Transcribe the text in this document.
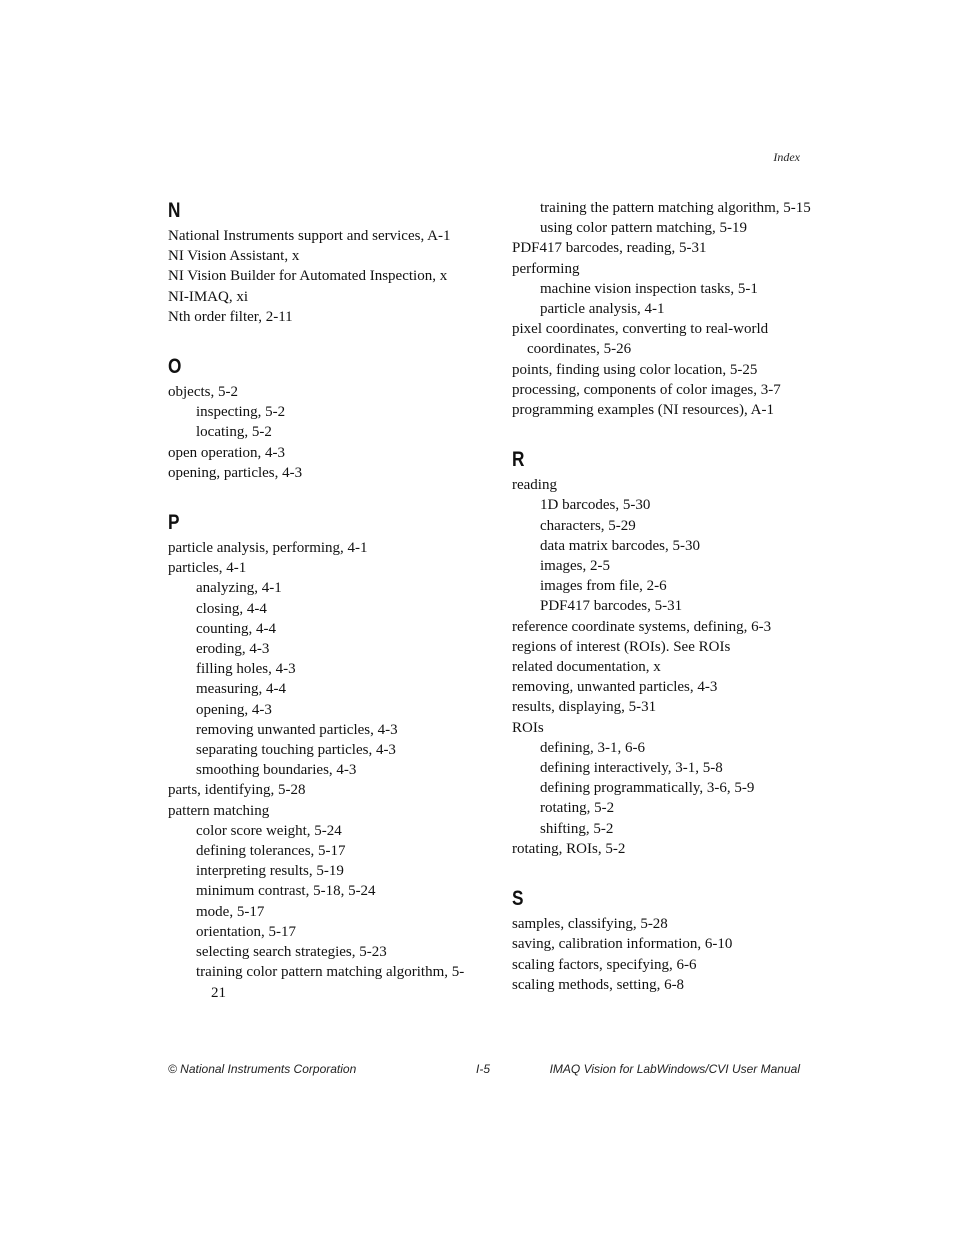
Index
N
National Instruments support and services, A-1
NI Vision Assistant, x
NI Vision Builder for Automated Inspection, x
NI-IMAQ, xi
Nth order filter, 2-11
O
objects, 5-2
inspecting, 5-2
locating, 5-2
open operation, 4-3
opening, particles, 4-3
P
particle analysis, performing, 4-1
particles, 4-1
analyzing, 4-1
closing, 4-4
counting, 4-4
eroding, 4-3
filling holes, 4-3
measuring, 4-4
opening, 4-3
removing unwanted particles, 4-3
separating touching particles, 4-3
smoothing boundaries, 4-3
parts, identifying, 5-28
pattern matching
color score weight, 5-24
defining tolerances, 5-17
interpreting results, 5-19
minimum contrast, 5-18, 5-24
mode, 5-17
orientation, 5-17
selecting search strategies, 5-23
training color pattern matching algorithm, 5-21
training the pattern matching algorithm, 5-15
using color pattern matching, 5-19
PDF417 barcodes, reading, 5-31
performing
machine vision inspection tasks, 5-1
particle analysis, 4-1
pixel coordinates, converting to real-world coordinates, 5-26
points, finding using color location, 5-25
processing, components of color images, 3-7
programming examples (NI resources), A-1
R
reading
1D barcodes, 5-30
characters, 5-29
data matrix barcodes, 5-30
images, 2-5
images from file, 2-6
PDF417 barcodes, 5-31
reference coordinate systems, defining, 6-3
regions of interest (ROIs). See ROIs
related documentation, x
removing, unwanted particles, 4-3
results, displaying, 5-31
ROIs
defining, 3-1, 6-6
defining interactively, 3-1, 5-8
defining programmatically, 3-6, 5-9
rotating, 5-2
shifting, 5-2
rotating, ROIs, 5-2
S
samples, classifying, 5-28
saving, calibration information, 6-10
scaling factors, specifying, 6-6
scaling methods, setting, 6-8
© National Instruments Corporation	I-5	IMAQ Vision for LabWindows/CVI User Manual
